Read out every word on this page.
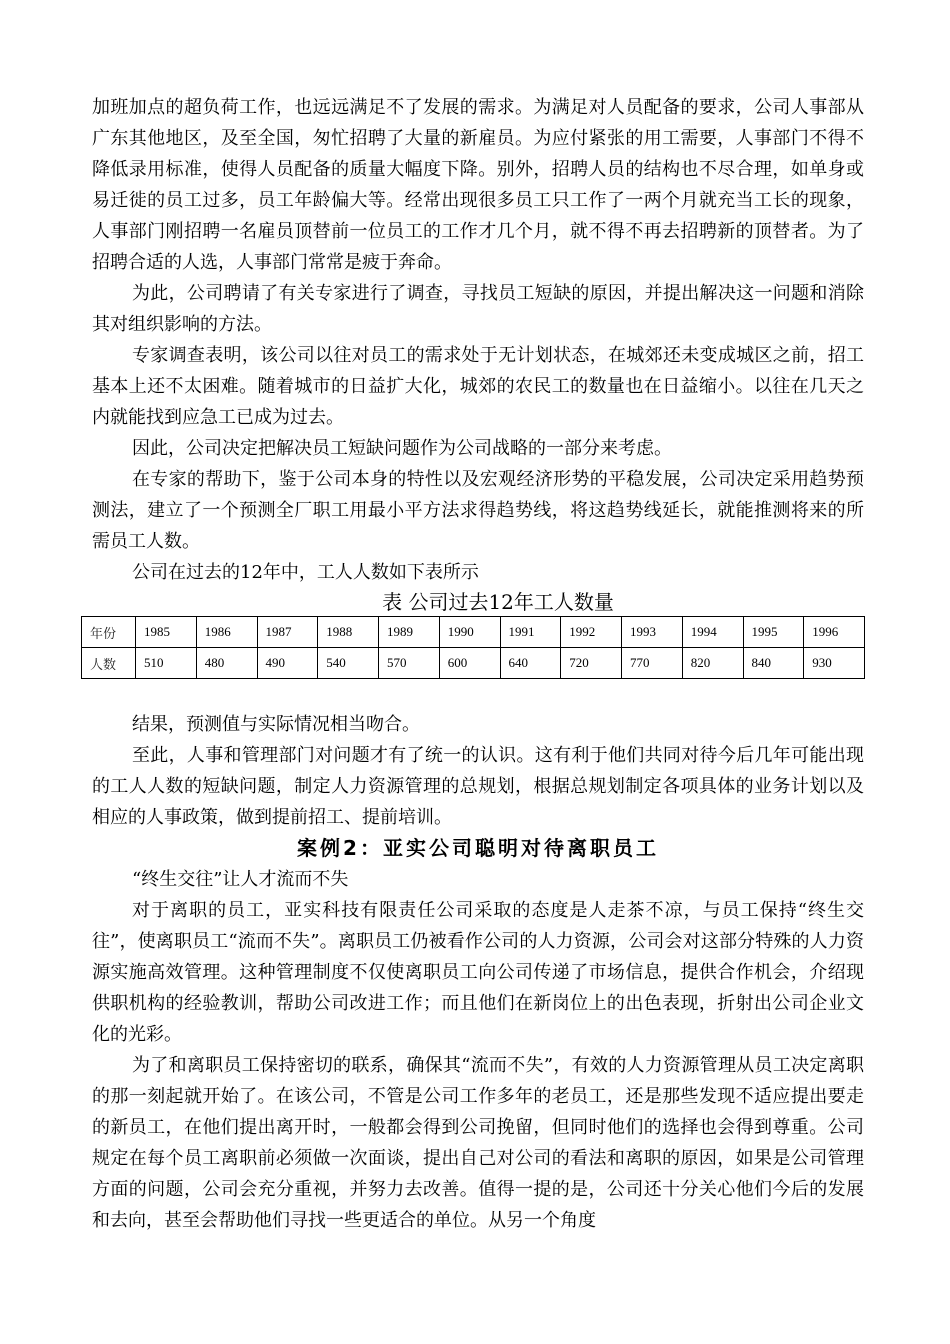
加班加点的超负荷工作，也远远满足不了发展的需求。为满足对人员配备的要求，公司人事部从广东其他地区，及至全国，匆忙招聘了大量的新雇员。为应付紧张的用工需要，人事部门不得不降低录用标准，使得人员配备的质量大幅度下降。别外，招聘人员的结构也不尽合理，如单身或易迁徙的员工过多，员工年龄偏大等。经常出现很多员工只工作了一两个月就充当工长的现象，人事部门刚招聘一名雇员顶替前一位员工的工作才几个月，就不得不再去招聘新的顶替者。为了招聘合适的人选，人事部门常常是疲于奔命。

为此，公司聘请了有关专家进行了调查，寻找员工短缺的原因，并提出解决这一问题和消除其对组织影响的方法。

专家调查表明，该公司以往对员工的需求处于无计划状态，在城郊还未变成城区之前，招工基本上还不太困难。随着城市的日益扩大化，城郊的农民工的数量也在日益缩小。以往在几天之内就能找到应急工已成为过去。

因此，公司决定把解决员工短缺问题作为公司战略的一部分来考虑。

在专家的帮助下，鉴于公司本身的特性以及宏观经济形势的平稳发展，公司决定采用趋势预测法，建立了一个预测全厂职工用最小平方法求得趋势线，将这趋势线延长，就能推测将来的所需员工人数。

公司在过去的12年中，工人人数如下表所示

表 公司过去12年工人数量
年份	1985	1986	1987	1988	1989	1990	1991	1992	1993	1994	1995	1996
人数	510	480	490	540	570	600	640	720	770	820	840	930

结果，预测值与实际情况相当吻合。

至此，人事和管理部门对问题才有了统一的认识。这有利于他们共同对待今后几年可能出现的工人人数的短缺问题，制定人力资源管理的总规划，根据总规划制定各项具体的业务计划以及相应的人事政策，做到提前招工、提前培训。

案例2：亚实公司聪明对待离职员工

“终生交往”让人才流而不失

对于离职的员工，亚实科技有限责任公司采取的态度是人走茶不凉，与员工保持“终生交往”，使离职员工“流而不失”。离职员工仍被看作公司的人力资源，公司会对这部分特殊的人力资源实施高效管理。这种管理制度不仅使离职员工向公司传递了市场信息，提供合作机会，介绍现供职机构的经验教训，帮助公司改进工作；而且他们在新岗位上的出色表现，折射出公司企业文化的光彩。

为了和离职员工保持密切的联系，确保其“流而不失”，有效的人力资源管理从员工决定离职的那一刻起就开始了。在该公司，不管是公司工作多年的老员工，还是那些发现不适应提出要走的新员工，在他们提出离开时，一般都会得到公司挽留，但同时他们的选择也会得到尊重。公司规定在每个员工离职前必须做一次面谈，提出自己对公司的看法和离职的原因，如果是公司管理方面的问题，公司会充分重视，并努力去改善。值得一提的是，公司还十分关心他们今后的发展和去向，甚至会帮助他们寻找一些更适合的单位。从另一个角度
